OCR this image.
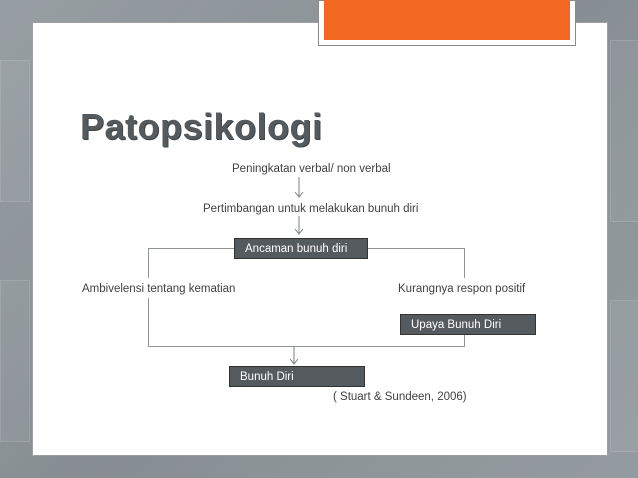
Patopsikologi
Peningkatan verbal/ non verbal
Pertimbangan untuk melakukan bunuh diri
Ancaman bunuh diri
Ambivelensi tentang kematian	Kurangnya respon positif
Upaya Bunuh Diri
Bunuh Diri
( Stuart & Sundeen, 2006)
